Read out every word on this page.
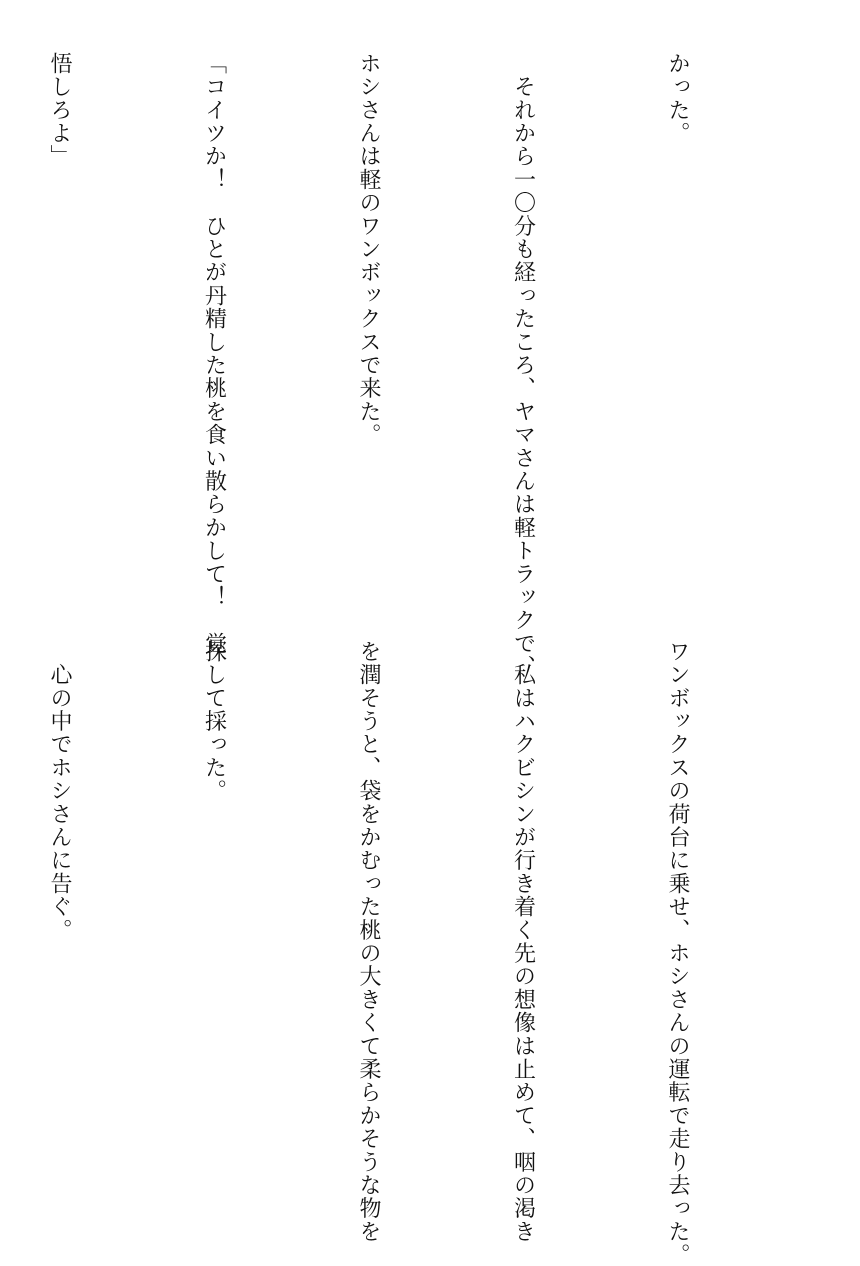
かった。

　それから一〇分も経ったころ、ヤマさんは軽トラックで、

ホシさんは軽のワンボックスで来た。

「コイツか！　ひとが丹精した桃を食い散らかして！　覚

悟しろよ」

ワンボックスの荷台に乗せ、ホシさんの運転で走り去った。

　私はハクビシンが行き着く先の想像は止めて、咽の渇き

を潤そうと、袋をかむった桃の大きくて柔らかそうな物を

探して採った。

　心の中でホシさんに告ぐ。
